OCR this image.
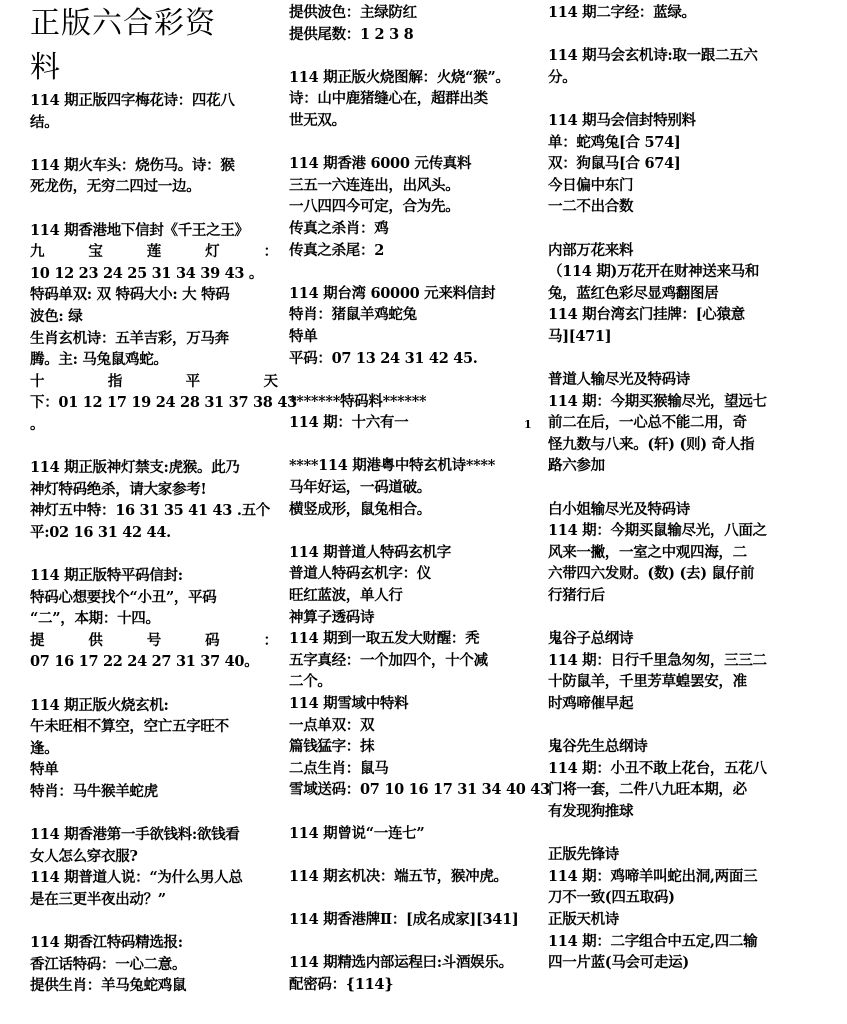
正版六合彩资
料
114 期正版四字梅花诗：四花八
结。
114 期火车头：烧伤马。诗：猴
死龙伤，无穷二四过一边。
114 期香港地下信封《千王之王》
九	宝	莲	灯	：
10 12 23 24 25 31 34 39 43 。
特码单双: 双 特码大小: 大 特码
波色: 绿
生肖玄机诗：五羊吉彩，万马奔
腾。主: 马兔鼠鸡蛇。
十	指	平	天
下：01 12 17 19 24 28 31 37 38 43
。
114 期正版神灯禁支:虎猴。此乃
神灯特码绝杀，请大家参考!
神灯五中特：16 31 35 41 43 .五个
平:02 16 31 42 44.
114 期正版特平码信封:
特码心想要找个“小丑”，平码
“二”，本期：十四。
提	供	号	码	：
07 16 17 22 24 27 31 37 40。
114 期正版火烧玄机:
午未旺相不算空，空亡五字旺不
逢。
特单
特肖：马牛猴羊蛇虎
114 期香港第一手欲钱料:欲钱看
女人怎么穿衣服?
114 期普道人说：“为什么男人总
是在三更半夜出动？”
114 期香江特码精选报:
香江话特码：一心二意。
提供生肖：羊马兔蛇鸡鼠
提供波色：主绿防红
提供尾数：1 2 3 8
114 期正版火烧图解：火烧“猴”。
诗：山中鹿猪缝心在，超群出类
世无双。
114 期香港 6000 元传真料
三五一六连连出，出风头。
一八四四今可定，合为先。
传真之杀肖：鸡
传真之杀尾：2
114 期台湾 60000 元来料信封
特肖：猪鼠羊鸡蛇兔
特单
平码：07 13 24 31 42 45.
*******特码料******
114 期：十六有一
****114 期港粤中特玄机诗****
马年好运，一码道破。
横竖成形，鼠兔相合。
114 期普道人特码玄机字
普道人特码玄机字：仪
旺红蓝波，单人行
神算子透码诗
114 期到一取五发大财醒：秃
五字真经：一个加四个，十个减
二个。
114 期雪域中特料
一点单双：双
篇钱猛字：抹
二点生肖：鼠马
雪域送码：07 10 16 17 31 34 40 43
114 期曾说“一连七”
114 期玄机决：端五节，猴冲虎。
114 期香港牌Ⅱ：[成名成家][341]
114 期精选内部运程曰:斗酒娱乐。
配密码：{114}
1
114 期二字经：蓝绿。
114 期马会玄机诗:取一跟二五六
分。
114 期马会信封特别料
单：蛇鸡兔[合 574]
双：狗鼠马[合 674]
今日偏中东门
一二不出合数
内部万花来料
（114 期)万花开在财神送来马和
兔，蓝红色彩尽显鸡翻图居
114 期台湾玄门挂牌：[心猿意
马][471]
普道人输尽光及特码诗
114 期：今期买猴输尽光，望远七
前二在后，一心总不能二用，奇
怪九数与八来。(轩) (则) 奇人指
路六参加
白小姐输尽光及特码诗
114 期：今期买鼠输尽光，八面之
风来一撇，一室之中观四海，二
六带四六发财。(数) (去) 鼠仔前
行猪行后
鬼谷子总纲诗
114 期：日行千里急匆匆，三三二
十防鼠羊，千里芳草蝗罢安，准
时鸡啼催早起
鬼谷先生总纲诗
114 期：小丑不敢上花台，五花八
门将一套，二件八九旺本期，必
有发现狗推球
正版先锋诗
114 期：鸡啼羊叫蛇出洞,两面三
刀不一致(四五取码)
正版天机诗
114 期：二字组合中五定,四二输
四一片蓝(马会可走运)
